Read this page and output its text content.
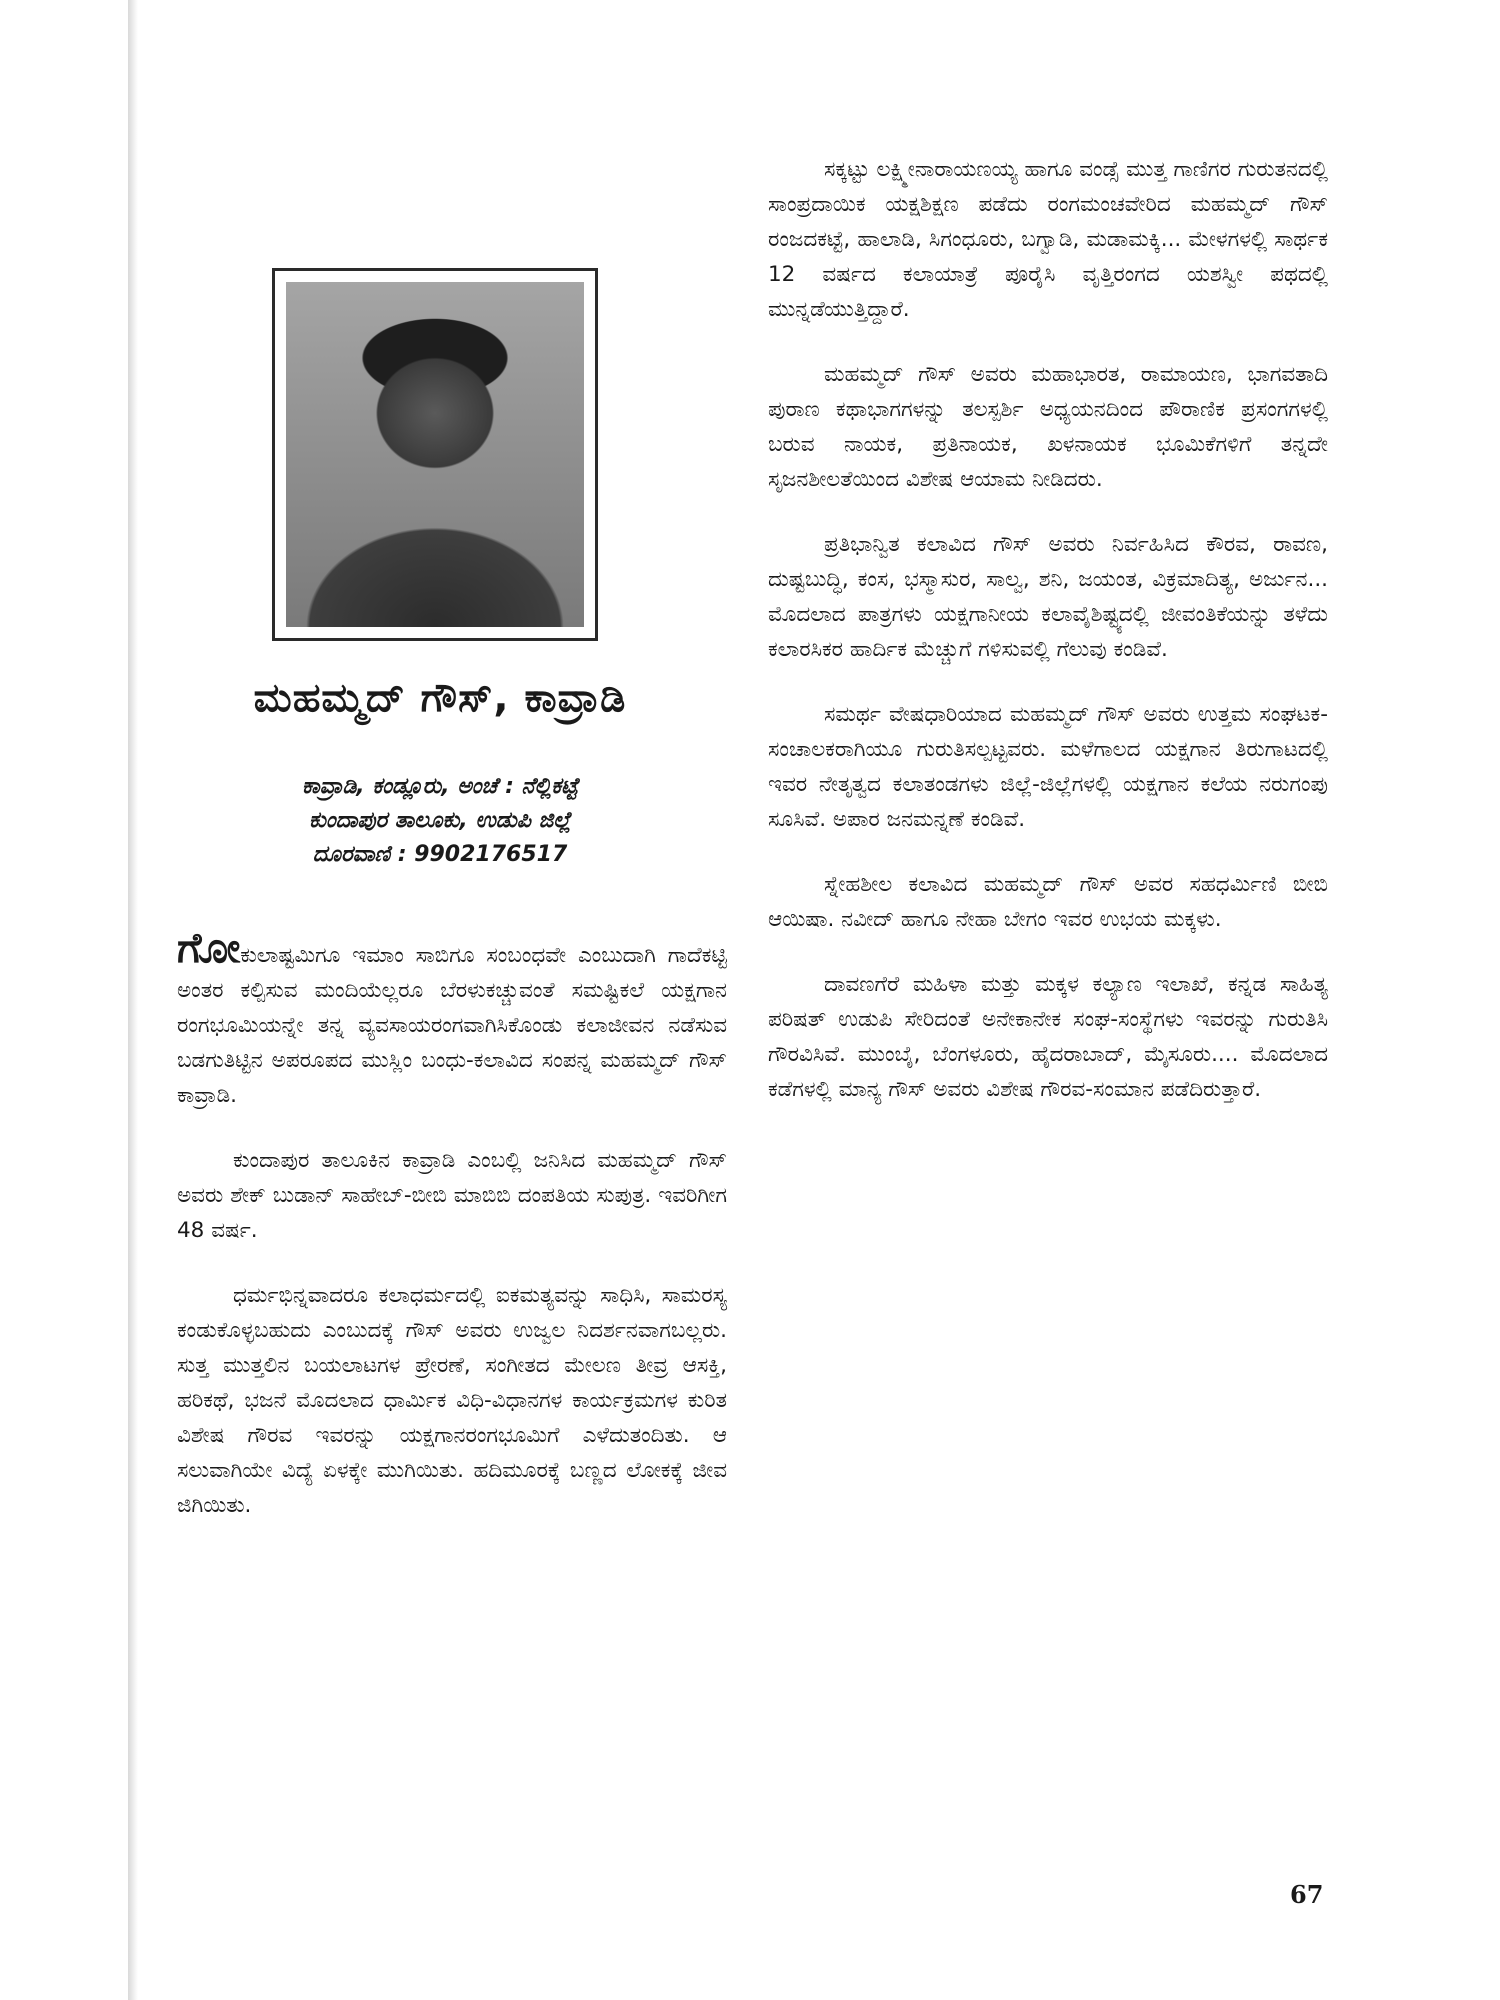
ಮಹಮ್ಮದ್ ಗೌಸ್, ಕಾವ್ರಾಡಿ
ಕಾವ್ರಾಡಿ, ಕಂಡ್ಲೂರು, ಅಂಚೆ : ನೆಲ್ಲಿಕಟ್ಟೆ
ಕುಂದಾಪುರ ತಾಲೂಕು, ಉಡುಪಿ ಜಿಲ್ಲೆ
ದೂರವಾಣಿ : 9902176517

ಗೋಕುಲಾಷ್ಟಮಿಗೂ ಇಮಾಂ ಸಾಬಿಗೂ ಸಂಬಂಧವೇ ಎಂಬುದಾಗಿ ಗಾದೆಕಟ್ಟಿ ಅಂತರ ಕಲ್ಪಿಸುವ ಮಂದಿಯೆಲ್ಲರೂ ಬೆರಳುಕಚ್ಚುವಂತೆ ಸಮಷ್ಟಿಕಲೆ ಯಕ್ಷಗಾನ ರಂಗಭೂಮಿಯನ್ನೇ ತನ್ನ ವ್ಯವಸಾಯರಂಗವಾಗಿಸಿಕೊಂಡು ಕಲಾಜೀವನ ನಡೆಸುವ ಬಡಗುತಿಟ್ಟಿನ ಅಪರೂಪದ ಮುಸ್ಲಿಂ ಬಂಧು-ಕಲಾವಿದ ಸಂಪನ್ನ ಮಹಮ್ಮದ್ ಗೌಸ್ ಕಾವ್ರಾಡಿ.

ಕುಂದಾಪುರ ತಾಲೂಕಿನ ಕಾವ್ರಾಡಿ ಎಂಬಲ್ಲಿ ಜನಿಸಿದ ಮಹಮ್ಮದ್ ಗೌಸ್ ಅವರು ಶೇಕ್ ಬುಡಾನ್ ಸಾಹೇಬ್-ಬೀಬಿ ಮಾಬಿಬಿ ದಂಪತಿಯ ಸುಪುತ್ರ. ಇವರಿಗೀಗ 48 ವರ್ಷ.

ಧರ್ಮಭಿನ್ನವಾದರೂ ಕಲಾಧರ್ಮದಲ್ಲಿ ಐಕಮತ್ಯವನ್ನು ಸಾಧಿಸಿ, ಸಾಮರಸ್ಯ ಕಂಡುಕೊಳ್ಳಬಹುದು ಎಂಬುದಕ್ಕೆ ಗೌಸ್ ಅವರು ಉಜ್ವಲ ನಿದರ್ಶನವಾಗಬಲ್ಲರು. ಸುತ್ತ ಮುತ್ತಲಿನ ಬಯಲಾಟಗಳ ಪ್ರೇರಣೆ, ಸಂಗೀತದ ಮೇಲಣ ತೀವ್ರ ಆಸಕ್ತಿ, ಹರಿಕಥೆ, ಭಜನೆ ಮೊದಲಾದ ಧಾರ್ಮಿಕ ವಿಧಿ-ವಿಧಾನಗಳ ಕಾರ್ಯಕ್ರಮಗಳ ಕುರಿತ ವಿಶೇಷ ಗೌರವ ಇವರನ್ನು ಯಕ್ಷಗಾನರಂಗಭೂಮಿಗೆ ಎಳೆದುತಂದಿತು. ಆ ಸಲುವಾಗಿಯೇ ವಿದ್ಯೆ ಏಳಕ್ಕೇ ಮುಗಿಯಿತು. ಹದಿಮೂರಕ್ಕೆ ಬಣ್ಣದ ಲೋಕಕ್ಕೆ ಜೀವ ಜಿಗಿಯಿತು.

ಸಕ್ಕಟ್ಟು ಲಕ್ಷ್ಮೀನಾರಾಯಣಯ್ಯ ಹಾಗೂ ವಂಡ್ಸೆ ಮುತ್ತ ಗಾಣಿಗರ ಗುರುತನದಲ್ಲಿ ಸಾಂಪ್ರದಾಯಿಕ ಯಕ್ಷಶಿಕ್ಷಣ ಪಡೆದು ರಂಗಮಂಚವೇರಿದ ಮಹಮ್ಮದ್ ಗೌಸ್ ರಂಜದಕಟ್ಟೆ, ಹಾಲಾಡಿ, ಸಿಗಂಧೂರು, ಬಗ್ವಾಡಿ, ಮಡಾಮಕ್ಕಿ... ಮೇಳಗಳಲ್ಲಿ ಸಾರ್ಥಕ 12 ವರ್ಷದ ಕಲಾಯಾತ್ರೆ ಪೂರೈಸಿ ವೃತ್ತಿರಂಗದ ಯಶಸ್ವೀ ಪಥದಲ್ಲಿ ಮುನ್ನಡೆಯುತ್ತಿದ್ದಾರೆ.

ಮಹಮ್ಮದ್ ಗೌಸ್ ಅವರು ಮಹಾಭಾರತ, ರಾಮಾಯಣ, ಭಾಗವತಾದಿ ಪುರಾಣ ಕಥಾಭಾಗಗಳನ್ನು ತಲಸ್ಪರ್ಶಿ ಅಧ್ಯಯನದಿಂದ ಪೌರಾಣಿಕ ಪ್ರಸಂಗಗಳಲ್ಲಿ ಬರುವ ನಾಯಕ, ಪ್ರತಿನಾಯಕ, ಖಳನಾಯಕ ಭೂಮಿಕೆಗಳಿಗೆ ತನ್ನದೇ ಸೃಜನಶೀಲತೆಯಿಂದ ವಿಶೇಷ ಆಯಾಮ ನೀಡಿದರು.

ಪ್ರತಿಭಾನ್ವಿತ ಕಲಾವಿದ ಗೌಸ್ ಅವರು ನಿರ್ವಹಿಸಿದ ಕೌರವ, ರಾವಣ, ದುಷ್ಟಬುದ್ಧಿ, ಕಂಸ, ಭಸ್ಮಾಸುರ, ಸಾಲ್ವ, ಶನಿ, ಜಯಂತ, ವಿಕ್ರಮಾದಿತ್ಯ, ಅರ್ಜುನ... ಮೊದಲಾದ ಪಾತ್ರಗಳು ಯಕ್ಷಗಾನೀಯ ಕಲಾವೈಶಿಷ್ಟ್ಯದಲ್ಲಿ ಜೀವಂತಿಕೆಯನ್ನು ತಳೆದು ಕಲಾರಸಿಕರ ಹಾರ್ದಿಕ ಮೆಚ್ಚುಗೆ ಗಳಿಸುವಲ್ಲಿ ಗೆಲುವು ಕಂಡಿವೆ.

ಸಮರ್ಥ ವೇಷಧಾರಿಯಾದ ಮಹಮ್ಮದ್ ಗೌಸ್ ಅವರು ಉತ್ತಮ ಸಂಘಟಕ-ಸಂಚಾಲಕರಾಗಿಯೂ ಗುರುತಿಸಲ್ಪಟ್ಟವರು. ಮಳೆಗಾಲದ ಯಕ್ಷಗಾನ ತಿರುಗಾಟದಲ್ಲಿ ಇವರ ನೇತೃತ್ವದ ಕಲಾತಂಡಗಳು ಜಿಲ್ಲೆ-ಜಿಲ್ಲೆಗಳಲ್ಲಿ ಯಕ್ಷಗಾನ ಕಲೆಯ ನರುಗಂಪು ಸೂಸಿವೆ. ಅಪಾರ ಜನಮನ್ನಣೆ ಕಂಡಿವೆ.

ಸ್ನೇಹಶೀಲ ಕಲಾವಿದ ಮಹಮ್ಮದ್ ಗೌಸ್ ಅವರ ಸಹಧರ್ಮಿಣಿ ಬೀಬಿ ಆಯಿಷಾ. ನವೀದ್ ಹಾಗೂ ನೇಹಾ ಬೇಗಂ ಇವರ ಉಭಯ ಮಕ್ಕಳು.

ದಾವಣಗೆರೆ ಮಹಿಳಾ ಮತ್ತು ಮಕ್ಕಳ ಕಲ್ಯಾಣ ಇಲಾಖೆ, ಕನ್ನಡ ಸಾಹಿತ್ಯ ಪರಿಷತ್ ಉಡುಪಿ ಸೇರಿದಂತೆ ಅನೇಕಾನೇಕ ಸಂಘ-ಸಂಸ್ಥೆಗಳು ಇವರನ್ನು ಗುರುತಿಸಿ ಗೌರವಿಸಿವೆ. ಮುಂಬೈ, ಬೆಂಗಳೂರು, ಹೈದರಾಬಾದ್, ಮೈಸೂರು.... ಮೊದಲಾದ ಕಡೆಗಳಲ್ಲಿ ಮಾನ್ಯ ಗೌಸ್ ಅವರು ವಿಶೇಷ ಗೌರವ-ಸಂಮಾನ ಪಡೆದಿರುತ್ತಾರೆ.

67
